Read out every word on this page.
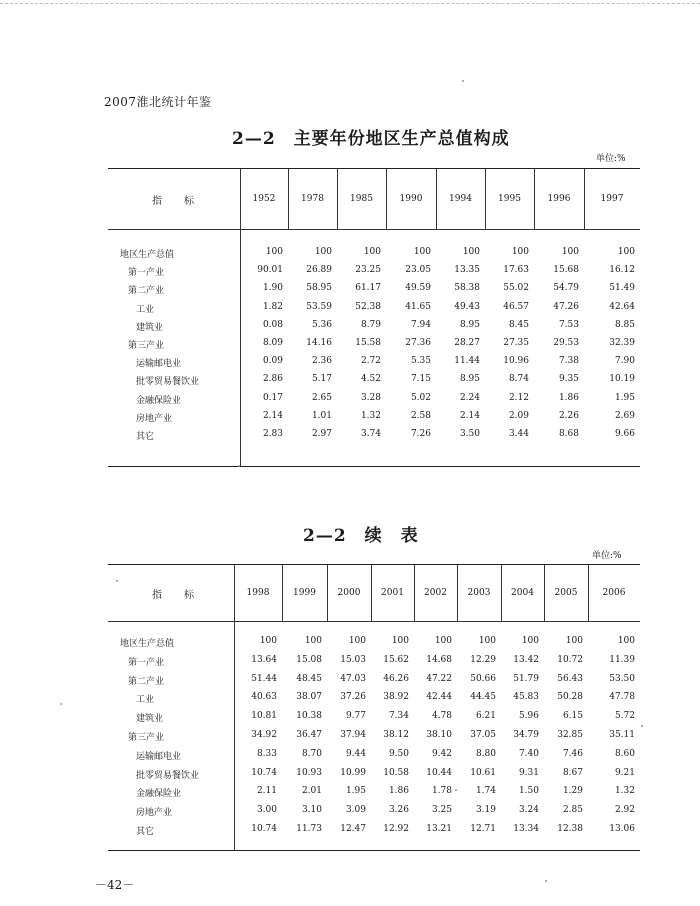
2007淮北统计年鉴
2—2　主要年份地区生产总值构成
单位:%
指　标	1952	1978	1985	1990	1994	1995	1996	1997
地区生产总值	100	100	100	100	100	100	100	100
第一产业	90.01	26.89	23.25	23.05	13.35	17.63	15.68	16.12
第二产业	1.90	58.95	61.17	49.59	58.38	55.02	54.79	51.49
工业	1.82	53.59	52.38	41.65	49.43	46.57	47.26	42.64
建筑业	0.08	5.36	8.79	7.94	8.95	8.45	7.53	8.85
第三产业	8.09	14.16	15.58	27.36	28.27	27.35	29.53	32.39
运输邮电业	0.09	2.36	2.72	5.35	11.44	10.96	7.38	7.90
批零贸易餐饮业	2.86	5.17	4.52	7.15	8.95	8.74	9.35	10.19
金融保险业	0.17	2.65	3.28	5.02	2.24	2.12	1.86	1.95
房地产业	2.14	1.01	1.32	2.58	2.14	2.09	2.26	2.69
其它	2.83	2.97	3.74	7.26	3.50	3.44	8.68	9.66
2—2　续　表
单位:%
指　标	1998	1999	2000	2001	2002	2003	2004	2005	2006
地区生产总值	100	100	100	100	100	100	100	100	100
第一产业	13.64	15.08	15.03	15.62	14.68	12.29	13.42	10.72	11.39
第二产业	51.44	48.45	47.03	46.26	47.22	50.66	51.79	56.43	53.50
工业	40.63	38.07	37.26	38.92	42.44	44.45	45.83	50.28	47.78
建筑业	10.81	10.38	9.77	7.34	4.78	6.21	5.96	6.15	5.72
第三产业	34.92	36.47	37.94	38.12	38.10	37.05	34.79	32.85	35.11
运输邮电业	8.33	8.70	9.44	9.50	9.42	8.80	7.40	7.46	8.60
批零贸易餐饮业	10.74	10.93	10.99	10.58	10.44	10.61	9.31	8.67	9.21
金融保险业	2.11	2.01	1.95	1.86	1.78	1.74	1.50	1.29	1.32
房地产业	3.00	3.10	3.09	3.26	3.25	3.19	3.24	2.85	2.92
其它	10.74	11.73	12.47	12.92	13.21	12.71	13.34	12.38	13.06
－42－
